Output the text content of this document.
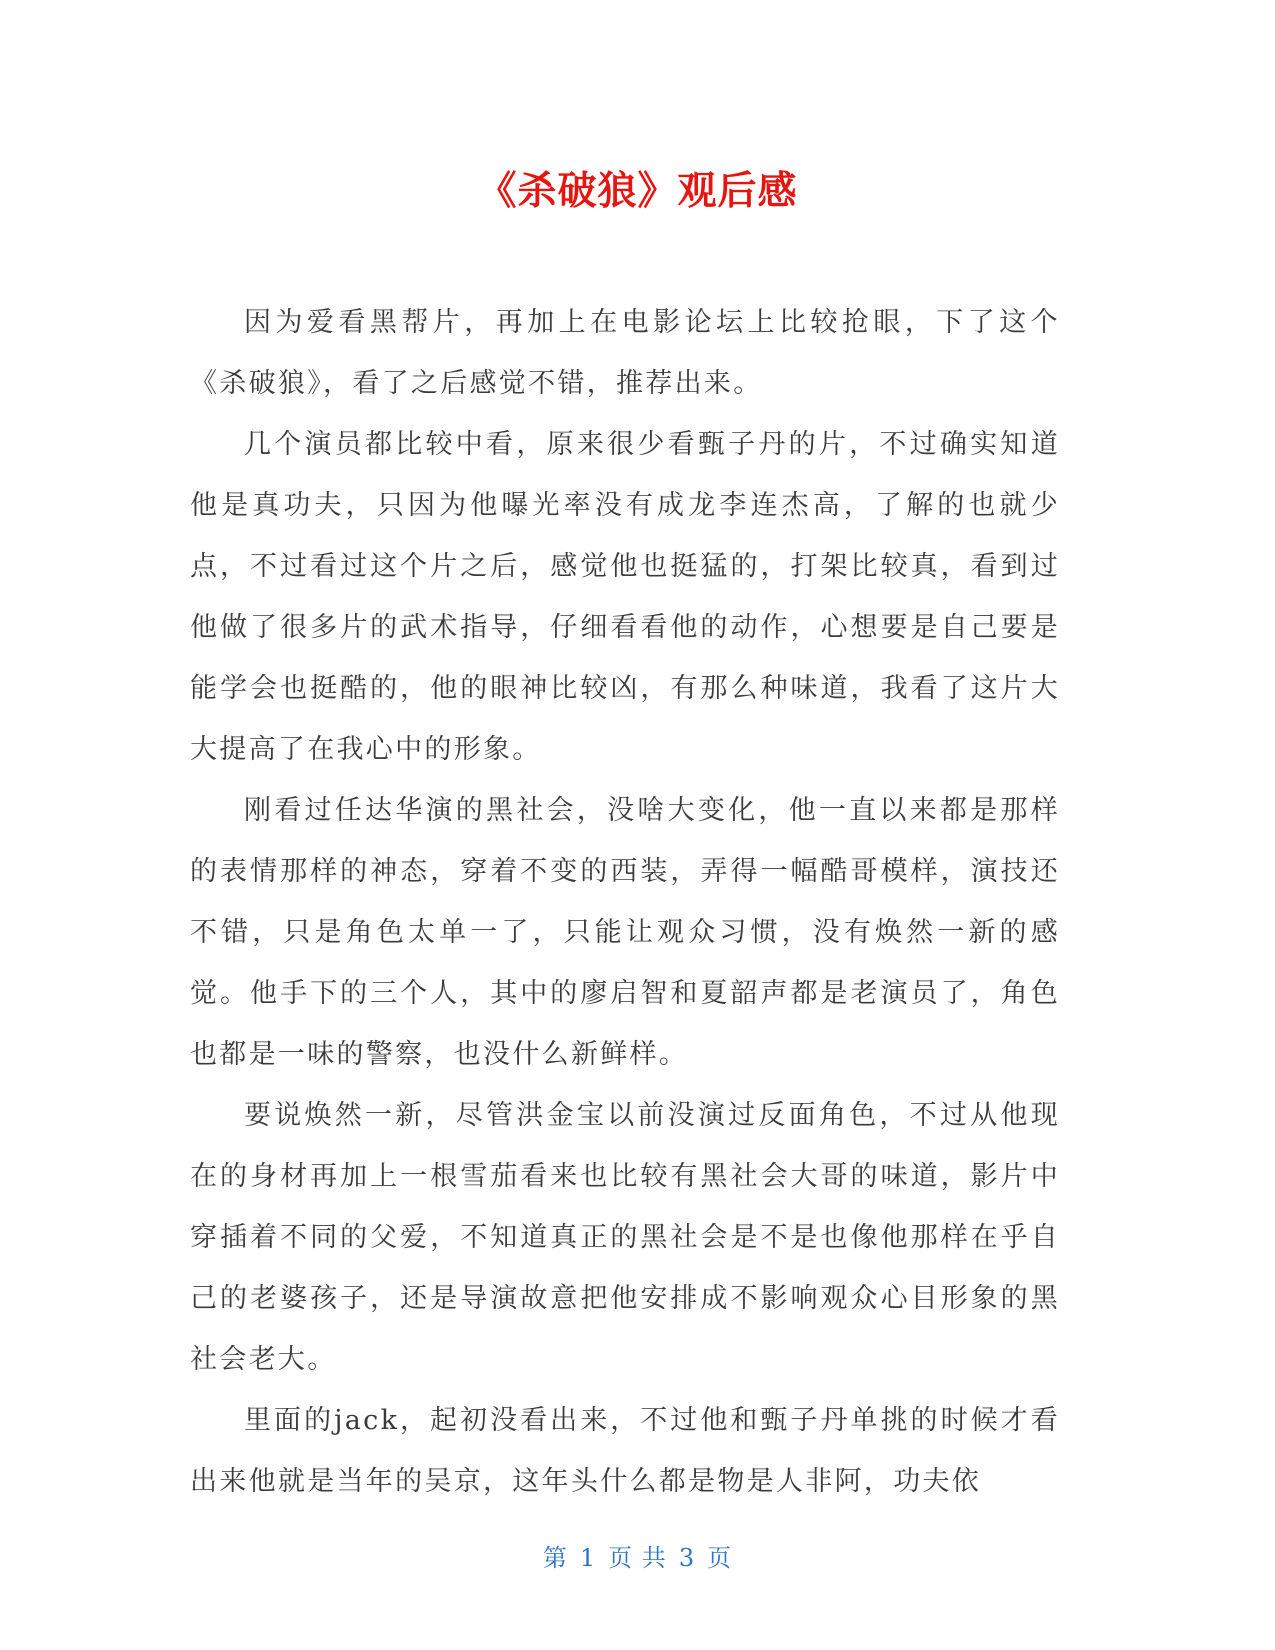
《杀破狼》观后感

因为爱看黑帮片，再加上在电影论坛上比较抢眼，下了这个《杀破狼》，看了之后感觉不错，推荐出来。

几个演员都比较中看，原来很少看甄子丹的片，不过确实知道他是真功夫，只因为他曝光率没有成龙李连杰高，了解的也就少点，不过看过这个片之后，感觉他也挺猛的，打架比较真，看到过他做了很多片的武术指导，仔细看看他的动作，心想要是自己要是能学会也挺酷的，他的眼神比较凶，有那么种味道，我看了这片大大提高了在我心中的形象。

刚看过任达华演的黑社会，没啥大变化，他一直以来都是那样的表情那样的神态，穿着不变的西装，弄得一幅酷哥模样，演技还不错，只是角色太单一了，只能让观众习惯，没有焕然一新的感觉。他手下的三个人，其中的廖启智和夏韶声都是老演员了，角色也都是一味的警察，也没什么新鲜样。

要说焕然一新，尽管洪金宝以前没演过反面角色，不过从他现在的身材再加上一根雪茄看来也比较有黑社会大哥的味道，影片中穿插着不同的父爱，不知道真正的黑社会是不是也像他那样在乎自己的老婆孩子，还是导演故意把他安排成不影响观众心目形象的黑社会老大。

里面的jack，起初没看出来，不过他和甄子丹单挑的时候才看出来他就是当年的吴京，这年头什么都是物是人非阿，功夫依

第 1 页 共 3 页
